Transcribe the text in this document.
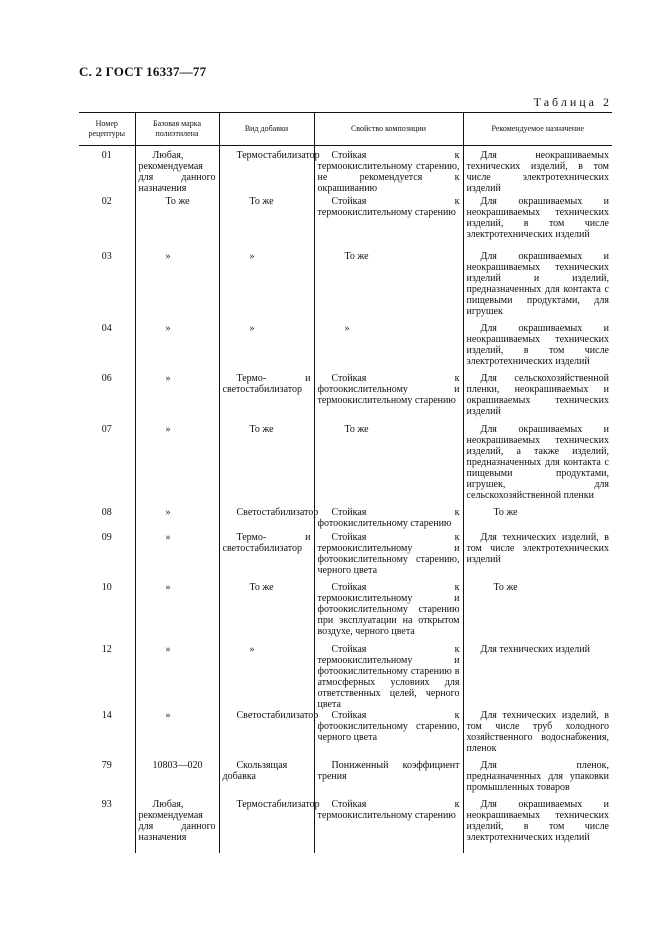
С. 2 ГОСТ 16337—77
Таблица 2
Номер рецептуры	Базовая марка полиэтилена	Вид добавки	Свойство композиции	Рекомендуемое назначение
01	Любая, рекомендуемая для данного назначения	Термостабилизатор	Стойкая к термоокислительному старению, не рекомендуется к окрашиванию	Для неокрашиваемых технических изделий, в том числе электротехнических изделий
02	То же	То же	Стойкая к термоокислительному старению	Для окрашиваемых и неокрашиваемых технических изделий, в том числе электротехнических изделий
03	»	»	То же	Для окрашиваемых и неокрашиваемых технических изделий и изделий, предназначенных для контакта с пищевыми продуктами, для игрушек
04	»	»	»	Для окрашиваемых и неокрашиваемых технических изделий, в том числе электротехнических изделий
06	»	Термо- и светостабилизатор	Стойкая к фотоокислительному и термоокислительному старению	Для сельскохозяйственной пленки, неокрашиваемых и окрашиваемых технических изделий
07	»	То же	То же	Для окрашиваемых и неокрашиваемых технических изделий, а также изделий, предназначенных для контакта с пищевыми продуктами, игрушек, для сельскохозяйственной пленки
08	»	Светостабилизатор	Стойкая к фотоокислительному старению	То же
09	»	Термо- и светостабилизатор	Стойкая к термоокислительному и фотоокислительному старению, черного цвета	Для технических изделий, в том числе электротехнических изделий
10	»	То же	Стойкая к термоокислительному и фотоокислительному старению при эксплуатации на открытом воздухе, черного цвета	То же
12	»	»	Стойкая к термоокислительному и фотоокислительному старению в атмосферных условиях для ответственных целей, черного цвета	Для технических изделий
14	»	Светостабилизатор	Стойкая к фотоокислительному старению, черного цвета	Для технических изделий, в том числе труб холодного хозяйственного водоснабжения, пленок
79	10803—020	Скользящая добавка	Пониженный коэффициент трения	Для пленок, предназначенных для упаковки промышленных товаров
93	Любая, рекомендуемая для данного назначения	Термостабилизатор	Стойкая к термоокислительному старению	Для окрашиваемых и неокрашиваемых технических изделий, в том числе электротехнических изделий
